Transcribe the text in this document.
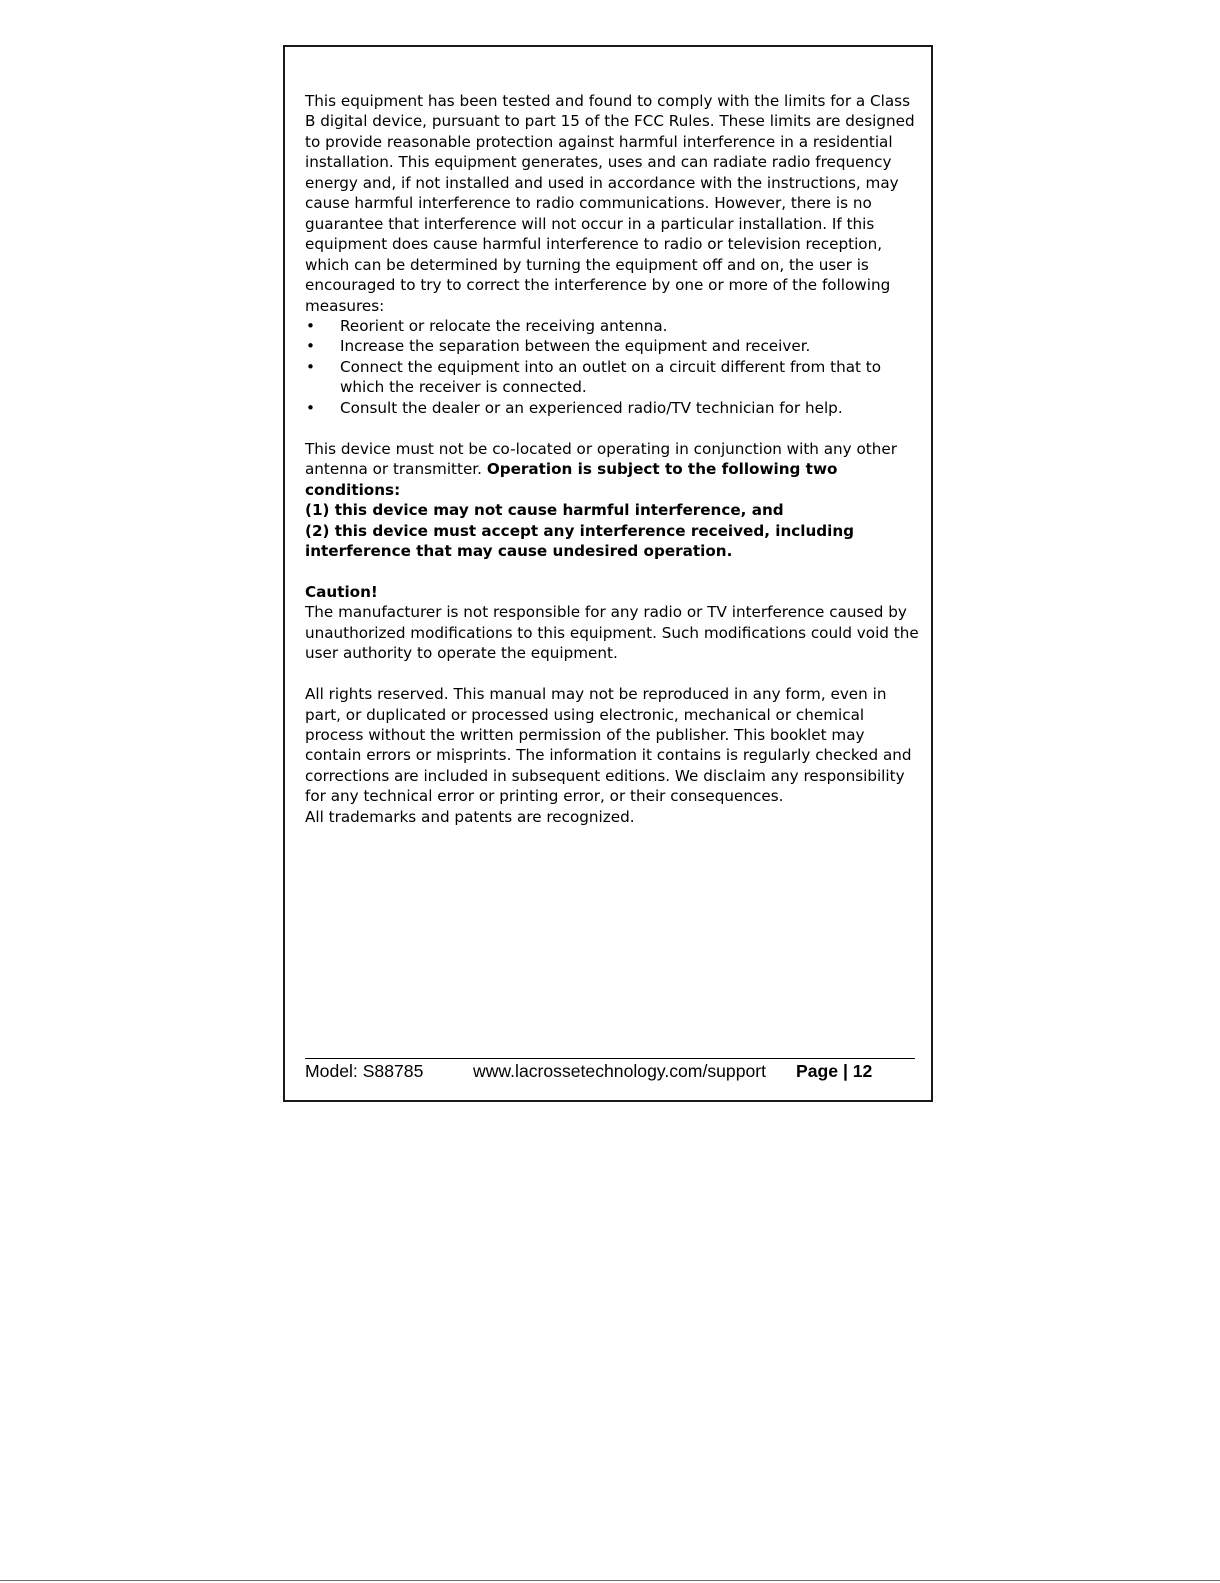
This equipment has been tested and found to comply with the limits for a Class B digital device, pursuant to part 15 of the FCC Rules. These limits are designed to provide reasonable protection against harmful interference in a residential installation. This equipment generates, uses and can radiate radio frequency energy and, if not installed and used in accordance with the instructions, may cause harmful interference to radio communications. However, there is no guarantee that interference will not occur in a particular installation. If this equipment does cause harmful interference to radio or television reception, which can be determined by turning the equipment off and on, the user is encouraged to try to correct the interference by one or more of the following measures:

• Reorient or relocate the receiving antenna.
• Increase the separation between the equipment and receiver.
• Connect the equipment into an outlet on a circuit different from that to which the receiver is connected.
• Consult the dealer or an experienced radio/TV technician for help.

This device must not be co-located or operating in conjunction with any other antenna or transmitter. Operation is subject to the following two conditions:

(1) this device may not cause harmful interference, and

(2) this device must accept any interference received, including interference that may cause undesired operation.

Caution!

The manufacturer is not responsible for any radio or TV interference caused by unauthorized modifications to this equipment. Such modifications could void the user authority to operate the equipment.

All rights reserved. This manual may not be reproduced in any form, even in part, or duplicated or processed using electronic, mechanical or chemical process without the written permission of the publisher. This booklet may contain errors or misprints. The information it contains is regularly checked and corrections are included in subsequent editions. We disclaim any responsibility for any technical error or printing error, or their consequences.

All trademarks and patents are recognized.

Model: S88785	www.lacrossetechnology.com/support Page | 12
